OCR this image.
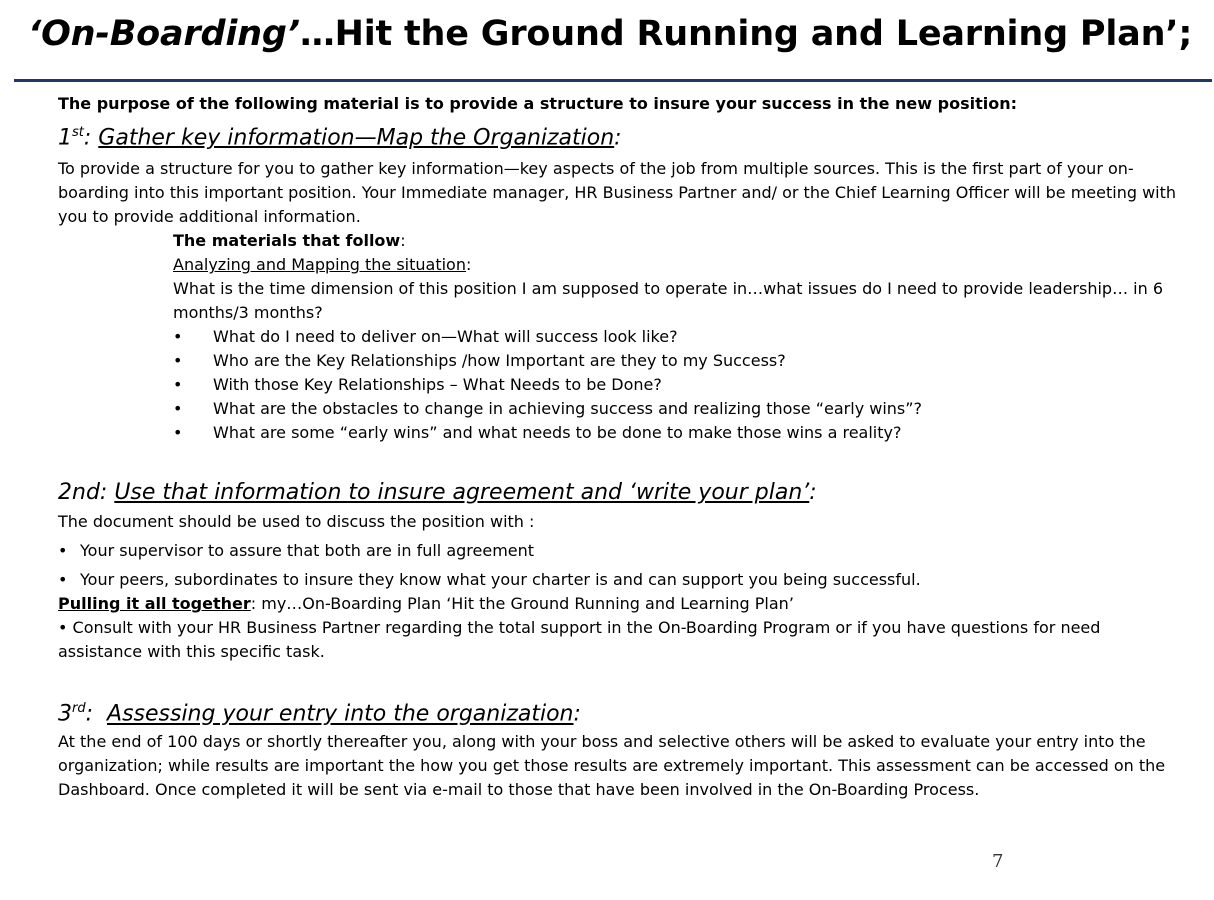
‘On-Boarding’…Hit the Ground Running and Learning Plan’;

The purpose of the following material is to provide a structure to insure your success in the new position:

1st: Gather key information—Map the Organization:

To provide a structure for you to gather key information—key aspects of the job from multiple sources. This is the first part of your on-boarding into this important position. Your Immediate manager, HR Business Partner and/ or the Chief Learning Officer will be meeting with you to provide additional information.

The materials that follow:

Analyzing and Mapping the situation:

What is the time dimension of this position I am supposed to operate in…what issues do I need to provide leadership… in 6 months/3 months?

•	What do I need to deliver on—What will success look like?
•	Who are the Key Relationships /how Important are they to my Success?
•	With those Key Relationships – What Needs to be Done?
•	What are the obstacles to change in achieving success and realizing those “early wins”?
•	What are some “early wins” and what needs to be done to make those wins a reality?

2nd: Use that information to insure agreement and ‘write your plan’:

The document should be used to discuss the position with :

• Your supervisor to assure that both are in full agreement
• Your peers, subordinates to insure they know what your charter is and can support you being successful.

Pulling it all together: my…On-Boarding Plan ‘Hit the Ground Running and Learning Plan’

• Consult with your HR Business Partner regarding the total support in the On-Boarding Program or if you have questions for need assistance with this specific task.

3rd:  Assessing your entry into the organization:

At the end of 100 days or shortly thereafter you, along with your boss and selective others will be asked to evaluate your entry into the organization; while results are important the how you get those results are extremely important. This assessment can be accessed on the Dashboard. Once completed it will be sent via e-mail to those that have been involved in the On-Boarding Process.

7
